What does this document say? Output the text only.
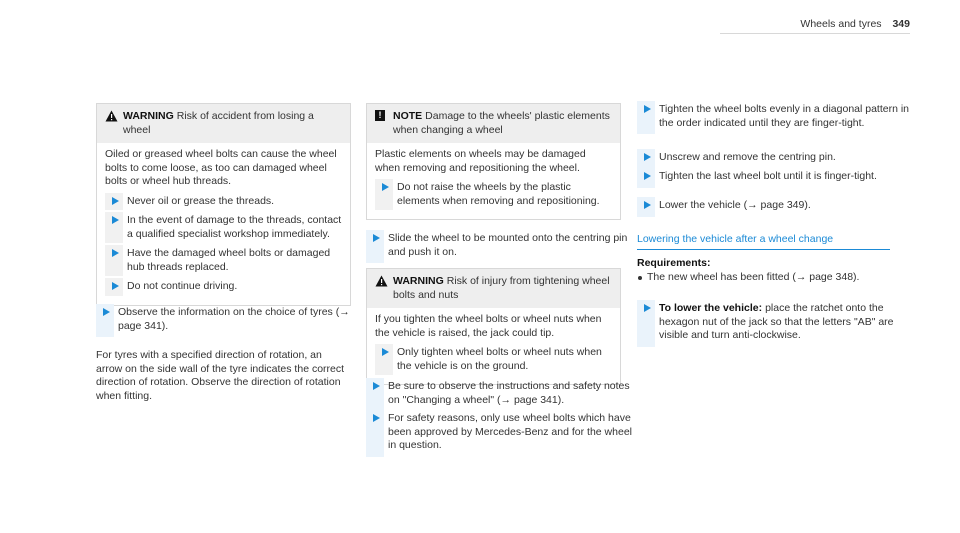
Wheels and tyres 349
WARNING Risk of accident from losing a wheel

Oiled or greased wheel bolts can cause the wheel bolts to come loose, as too can damaged wheel bolts or wheel hub threads.

Never oil or grease the threads.
In the event of damage to the threads, contact a qualified specialist workshop immediately.
Have the damaged wheel bolts or damaged hub threads replaced.
Do not continue driving.
Observe the information on the choice of tyres (→ page 341).

For tyres with a specified direction of rotation, an arrow on the side wall of the tyre indicates the correct direction of rotation. Observe the direction of rotation when fitting.

!	NOTE Damage to the wheels' plastic elements when changing a wheel

Plastic elements on wheels may be damaged when removing and repositioning the wheel.

Do not raise the wheels by the plastic elements when removing and repositioning.
Slide the wheel to be mounted onto the centring pin and push it on.
WARNING Risk of injury from tightening wheel bolts and nuts

If you tighten the wheel bolts or wheel nuts when the vehicle is raised, the jack could tip.

Only tighten wheel bolts or wheel nuts when the vehicle is on the ground.
Be sure to observe the instructions and safety notes on "Changing a wheel" (→ page 341).
For safety reasons, only use wheel bolts which have been approved by Mercedes-Benz and for the wheel in question.
Tighten the wheel bolts evenly in a diagonal pattern in the order indicated until they are finger-tight.
Unscrew and remove the centring pin.
Tighten the last wheel bolt until it is finger-tight.
Lower the vehicle (→ page 349).
Lowering the vehicle after a wheel change
Requirements:
The new wheel has been fitted (→ page 348).
To lower the vehicle: place the ratchet onto the hexagon nut of the jack so that the letters "AB" are visible and turn anti-clockwise.
